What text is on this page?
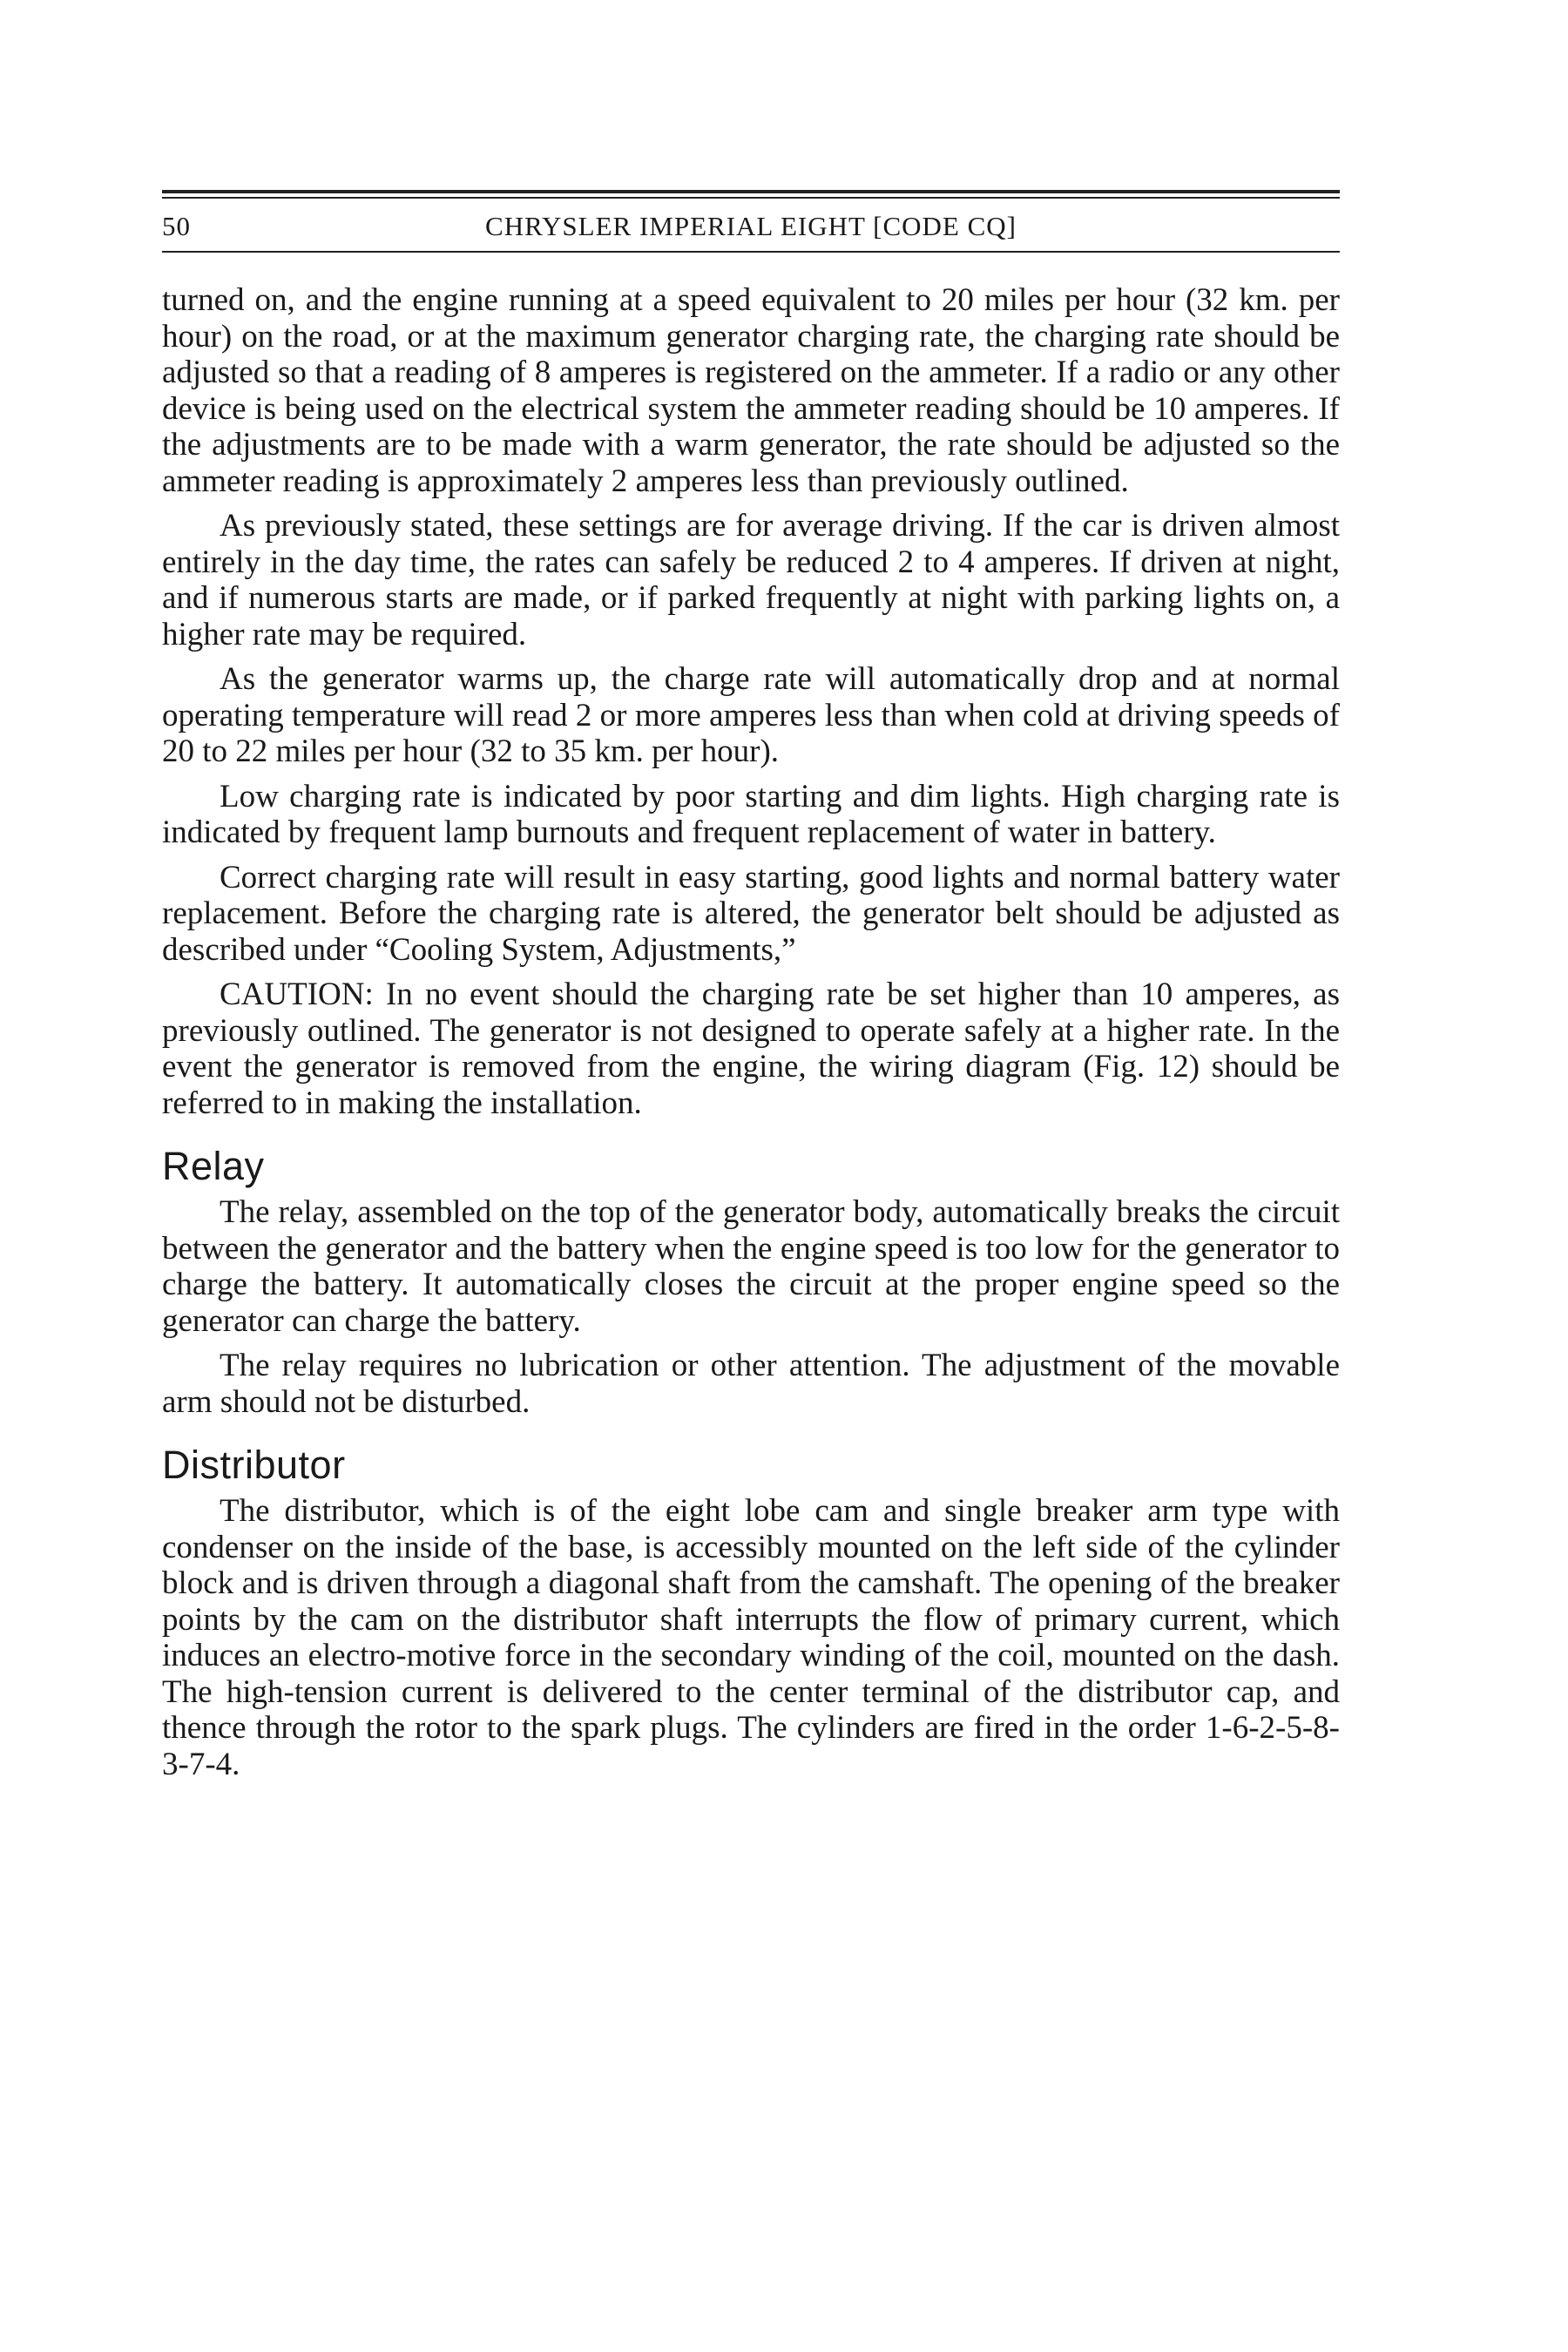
50	CHRYSLER IMPERIAL EIGHT [CODE CQ]

turned on, and the engine running at a speed equivalent to 20 miles per hour (32 km. per hour) on the road, or at the maximum generator charging rate, the charging rate should be adjusted so that a reading of 8 amperes is registered on the ammeter. If a radio or any other device is being used on the electrical system the ammeter reading should be 10 amperes. If the adjustments are to be made with a warm generator, the rate should be adjusted so the ammeter reading is approximately 2 amperes less than previously outlined.

As previously stated, these settings are for average driving. If the car is driven almost entirely in the day time, the rates can safely be reduced 2 to 4 amperes. If driven at night, and if numerous starts are made, or if parked frequently at night with parking lights on, a higher rate may be required.

As the generator warms up, the charge rate will automatically drop and at normal operating temperature will read 2 or more amperes less than when cold at driving speeds of 20 to 22 miles per hour (32 to 35 km. per hour).

Low charging rate is indicated by poor starting and dim lights. High charging rate is indicated by frequent lamp burnouts and frequent replacement of water in battery.

Correct charging rate will result in easy starting, good lights and normal battery water replacement. Before the charging rate is altered, the generator belt should be adjusted as described under “Cooling System, Adjustments,”

CAUTION: In no event should the charging rate be set higher than 10 amperes, as previously outlined. The generator is not designed to operate safely at a higher rate. In the event the generator is removed from the engine, the wiring diagram (Fig. 12) should be referred to in making the installation.

Relay

The relay, assembled on the top of the generator body, automatically breaks the circuit between the generator and the battery when the engine speed is too low for the generator to charge the battery. It automatically closes the circuit at the proper engine speed so the generator can charge the battery.

The relay requires no lubrication or other attention. The adjustment of the movable arm should not be disturbed.

Distributor

The distributor, which is of the eight lobe cam and single breaker arm type with condenser on the inside of the base, is accessibly mounted on the left side of the cylinder block and is driven through a diagonal shaft from the camshaft. The opening of the breaker points by the cam on the distributor shaft interrupts the flow of primary current, which induces an electro-motive force in the secondary winding of the coil, mounted on the dash. The high-tension current is delivered to the center terminal of the distributor cap, and thence through the rotor to the spark plugs. The cylinders are fired in the order 1-6-2-5-8-3-7-4.
